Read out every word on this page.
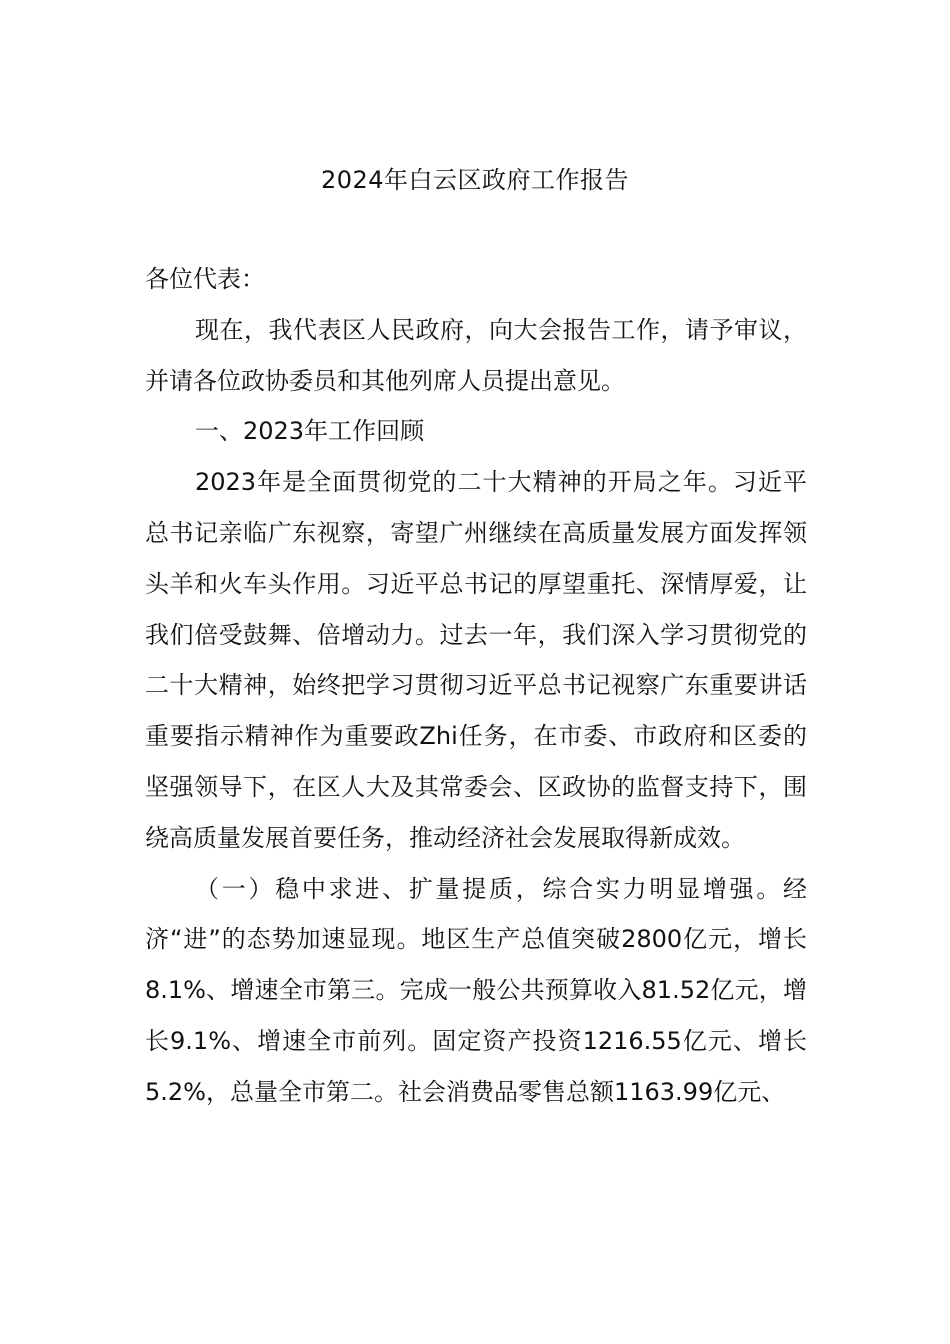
2024年白云区政府工作报告

各位代表：

现在，我代表区人民政府，向大会报告工作，请予审议，并请各位政协委员和其他列席人员提出意见。

一、2023年工作回顾

2023年是全面贯彻党的二十大精神的开局之年。习近平总书记亲临广东视察，寄望广州继续在高质量发展方面发挥领头羊和火车头作用。习近平总书记的厚望重托、深情厚爱，让我们倍受鼓舞、倍增动力。过去一年，我们深入学习贯彻党的二十大精神，始终把学习贯彻习近平总书记视察广东重要讲话重要指示精神作为重要政Zhi任务，在市委、市政府和区委的坚强领导下，在区人大及其常委会、区政协的监督支持下，围绕高质量发展首要任务，推动经济社会发展取得新成效。

（一）稳中求进、扩量提质，综合实力明显增强。经济“进”的态势加速显现。地区生产总值突破2800亿元，增长8.1%、增速全市第三。完成一般公共预算收入81.52亿元，增长9.1%、增速全市前列。固定资产投资1216.55亿元、增长5.2%，总量全市第二。社会消费品零售总额1163.99亿元、
